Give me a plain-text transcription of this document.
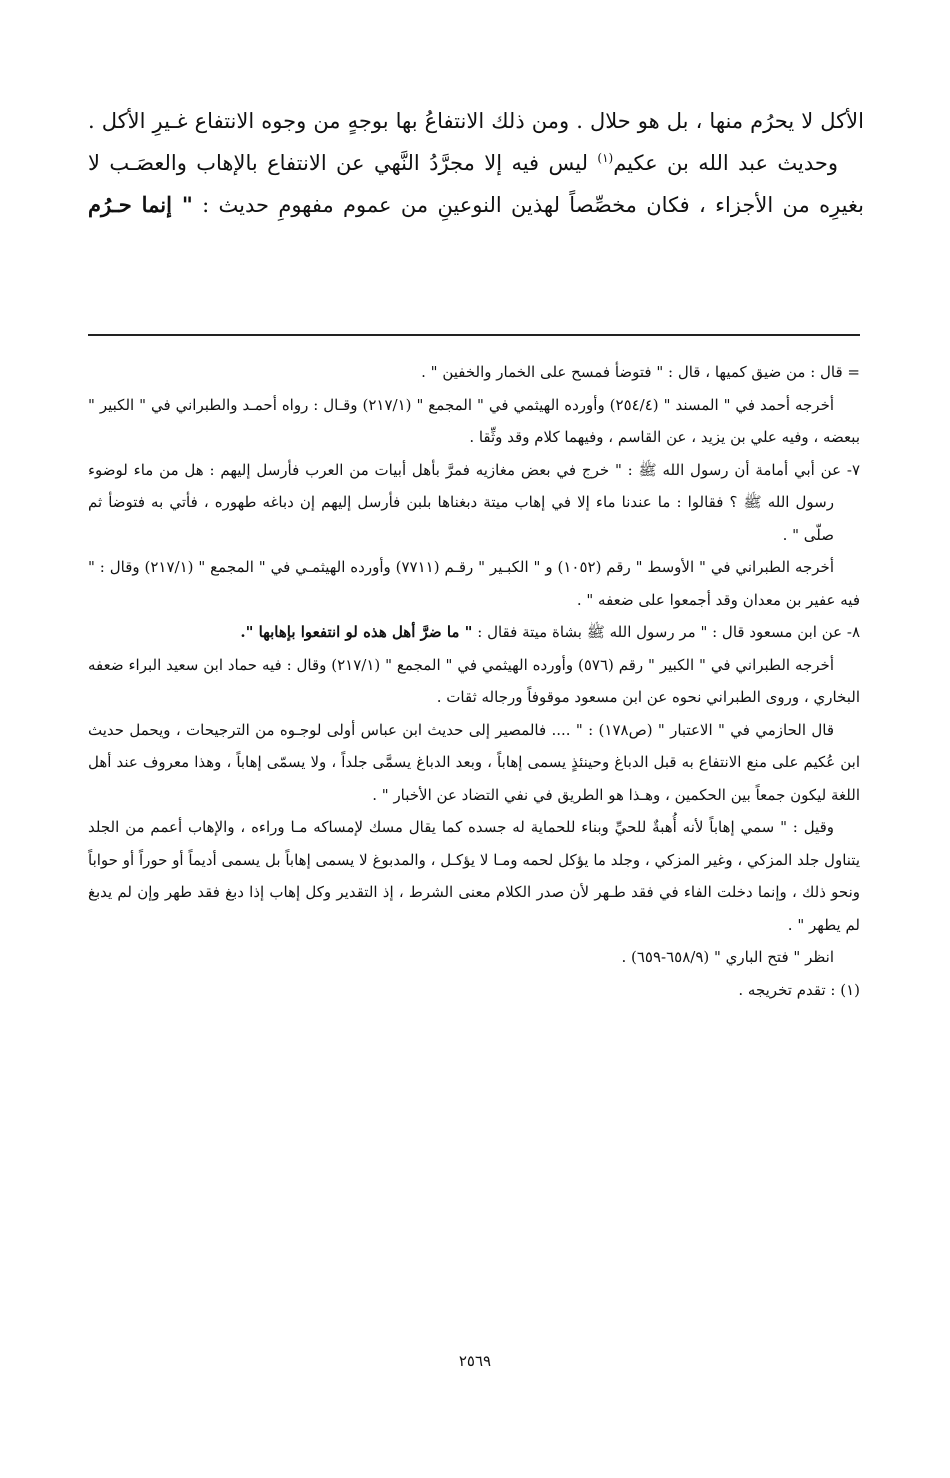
الأكل لا يحرُم منها ، بل هو حلال . ومن ذلك الانتفاعُ بها بوجهٍ من وجوه الانتفاع غـيرِ الأكل .

وحديث عبد الله بن عكيم$^{(١)}$ ليس فيه إلا مجرَّدُ النَّهي عن الانتفاع بالإهاب والعصَـب لا بغيرِه من الأجزاء ، فكان مخصِّصاً لهذين النوعينِ من عموم مفهومِ حديث : " إنما حـرُم

= قال : من ضيق كميها ، قال : " فتوضأ فمسح على الخمار والخفين " .

أخرجه أحمد في " المسند " (٢٥٤/٤) وأورده الهيثمي في " المجمع " (٢١٧/١) وقـال : رواه أحمـد والطبراني في " الكبير " ببعضه ، وفيه علي بن يزيد ، عن القاسم ، وفيهما كلام وقد وثِّقا .

٧- عن أبي أمامة أن رسول الله ﷺ : " خرج في بعض مغازيه فمرَّ بأهل أبيات من العرب فأرسل إليهم : هل من ماء لوضوء رسول الله ﷺ ؟ فقالوا : ما عندنا ماء إلا في إهاب ميتة دبغناها بلبن فأرسل إليهم إن دباغه طهوره ، فأتي به فتوضأ ثم صلّى " .

أخرجه الطبراني في " الأوسط " رقم (١٠٥٢) و " الكبـير " رقـم (٧٧١١) وأورده الهيثمـي في " المجمع " (٢١٧/١) وقال : " فيه عفير بن معدان وقد أجمعوا على ضعفه " .

٨- عن ابن مسعود قال : " مر رسول الله ﷺ بشاة ميتة فقال : " ما ضرَّ أهل هذه لو انتفعوا بإهابها ".

أخرجه الطبراني في " الكبير " رقم (٥٧٦) وأورده الهيثمي في " المجمع " (٢١٧/١) وقال : فيه حماد ابن سعيد البراء ضعفه البخاري ، وروى الطبراني نحوه عن ابن مسعود موقوفاً ورجاله ثقات .

قال الحازمي في " الاعتبار " (ص١٧٨) : " .... فالمصير إلى حديث ابن عباس أولى لوجـوه من الترجيحات ، ويحمل حديث ابن عُكيم على منع الانتفاع به قبل الدباغ وحينئذٍ يسمى إهاباً ، وبعد الدباغ يسمَّى جلداً ، ولا يسمّى إهاباً ، وهذا معروف عند أهل اللغة ليكون جمعاً بين الحكمين ، وهـذا هو الطريق في نفي التضاد عن الأخبار " .

وقيل : " سمي إهاباً لأنه أُهبةٌ للحيِّ وبناء للحماية له جسده كما يقال مسك لإمساكه مـا وراءه ، والإهاب أعمم من الجلد يتناول جلد المزكي ، وغير المزكي ، وجلد ما يؤكل لحمه ومـا لا يؤكـل ، والمدبوغ لا يسمى إهاباً بل يسمى أديماً أو حوراً أو حواباً ونحو ذلك ، وإنما دخلت الفاء في فقد طـهر لأن صدر الكلام معنى الشرط ، إذ التقدير وكل إهاب إذا دبغ فقد طهر وإن لم يدبغ لم يطهر " .

انظر " فتح الباري " (٦٥٨/٩-٦٥٩) .

(١) : تقدم تخريجه .

٢٥٦٩
